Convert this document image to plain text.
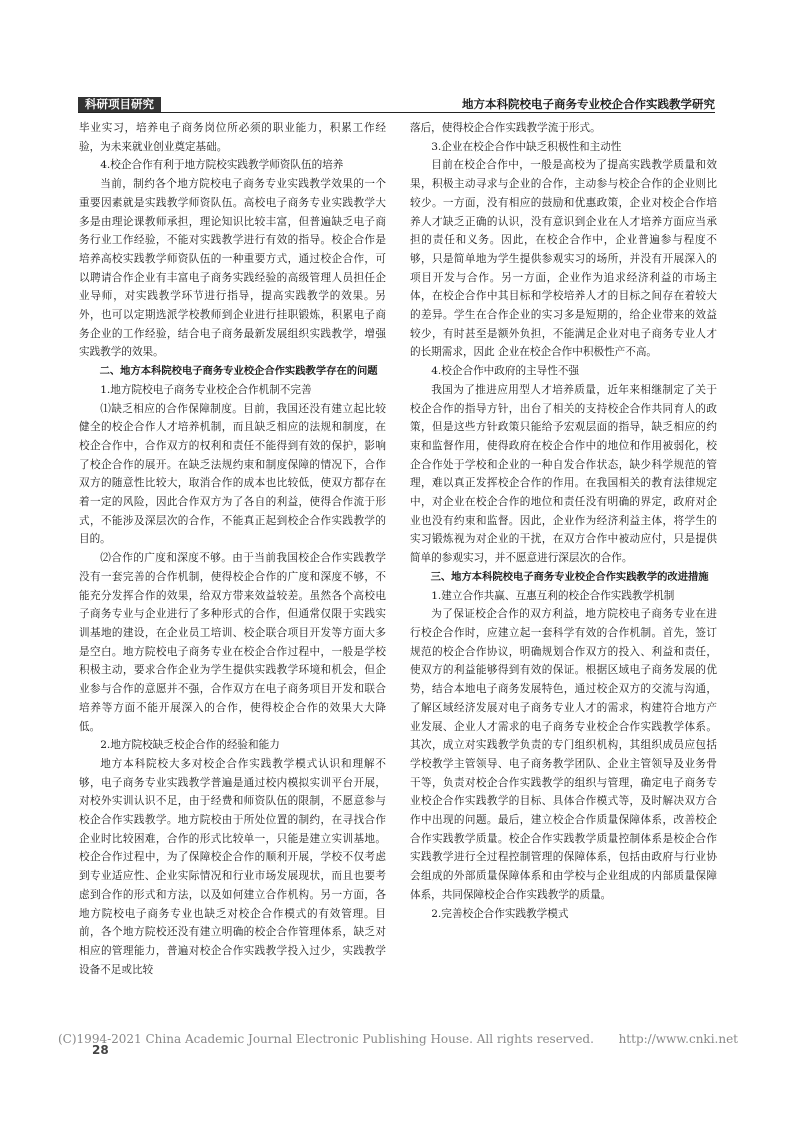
科研项目研究	地方本科院校电子商务专业校企合作实践教学研究

毕业实习，培养电子商务岗位所必须的职业能力，积累工作经验，为未来就业创业奠定基础。

4.校企合作有利于地方院校实践教学师资队伍的培养

当前，制约各个地方院校电子商务专业实践教学效果的一个重要因素就是实践教学师资队伍。高校电子商务专业实践教学大多是由理论课教师承担，理论知识比较丰富，但普遍缺乏电子商务行业工作经验，不能对实践教学进行有效的指导。校企合作是培养高校实践教学师资队伍的一种重要方式，通过校企合作，可以聘请合作企业有丰富电子商务实践经验的高级管理人员担任企业导师，对实践教学环节进行指导，提高实践教学的效果。另外，也可以定期选派学校教师到企业进行挂职锻炼，积累电子商务企业的工作经验，结合电子商务最新发展组织实践教学，增强实践教学的效果。

二、地方本科院校电子商务专业校企合作实践教学存在的问题

1.地方院校电子商务专业校企合作机制不完善

⑴缺乏相应的合作保障制度。目前，我国还没有建立起比较健全的校企合作人才培养机制，而且缺乏相应的法规和制度，在校企合作中，合作双方的权利和责任不能得到有效的保护，影响了校企合作的展开。在缺乏法规约束和制度保障的情况下，合作双方的随意性比较大，取消合作的成本也比较低，使双方都存在着一定的风险，因此合作双方为了各自的利益，使得合作流于形式，不能涉及深层次的合作，不能真正起到校企合作实践教学的目的。

⑵合作的广度和深度不够。由于当前我国校企合作实践教学没有一套完善的合作机制，使得校企合作的广度和深度不够，不能充分发挥合作的效果，给双方带来效益较差。虽然各个高校电子商务专业与企业进行了多种形式的合作，但通常仅限于实践实训基地的建设，在企业员工培训、校企联合项目开发等方面大多是空白。地方院校电子商务专业在校企合作过程中，一般是学校积极主动，要求合作企业为学生提供实践教学环境和机会，但企业参与合作的意愿并不强，合作双方在电子商务项目开发和联合培养等方面不能开展深入的合作，使得校企合作的效果大大降低。

2.地方院校缺乏校企合作的经验和能力

地方本科院校大多对校企合作实践教学模式认识和理解不够，电子商务专业实践教学普遍是通过校内模拟实训平台开展，对校外实训认识不足，由于经费和师资队伍的限制，不愿意参与校企合作实践教学。地方院校由于所处位置的制约，在寻找合作企业时比较困难，合作的形式比较单一，只能是建立实训基地。校企合作过程中，为了保障校企合作的顺利开展，学校不仅考虑到专业适应性、企业实际情况和行业市场发展现状，而且也要考虑到合作的形式和方法，以及如何建立合作机构。另一方面，各地方院校电子商务专业也缺乏对校企合作模式的有效管理。目前，各个地方院校还没有建立明确的校企合作管理体系，缺乏对相应的管理能力，普遍对校企合作实践教学投入过少，实践教学设备不足或比较

落后，使得校企合作实践教学流于形式。

3.企业在校企合作中缺乏积极性和主动性

目前在校企合作中，一般是高校为了提高实践教学质量和效果，积极主动寻求与企业的合作，主动参与校企合作的企业则比较少。一方面，没有相应的鼓励和优惠政策，企业对校企合作培养人才缺乏正确的认识，没有意识到企业在人才培养方面应当承担的责任和义务。因此，在校企合作中，企业普遍参与程度不够，只是简单地为学生提供参观实习的场所，并没有开展深入的项目开发与合作。另一方面，企业作为追求经济利益的市场主体，在校企合作中其目标和学校培养人才的目标之间存在着较大的差异。学生在合作企业的实习多是短期的，给企业带来的效益较少，有时甚至是额外负担，不能满足企业对电子商务专业人才的长期需求，因此 企业在校企合作中积极性产不高。

4.校企合作中政府的主导性不强

我国为了推进应用型人才培养质量，近年来相继制定了关于校企合作的指导方针，出台了相关的支持校企合作共同育人的政策，但是这些方针政策只能给予宏观层面的指导，缺乏相应的约束和监督作用，使得政府在校企合作中的地位和作用被弱化，校企合作处于学校和企业的一种自发合作状态，缺少科学规范的管理，难以真正发挥校企合作的作用。在我国相关的教育法律规定中，对企业在校企合作的地位和责任没有明确的界定，政府对企业也没有约束和监督。因此，企业作为经济利益主体，将学生的实习锻炼视为对企业的干扰，在双方合作中被动应付，只是提供简单的参观实习，并不愿意进行深层次的合作。

三、地方本科院校电子商务专业校企合作实践教学的改进措施

1.建立合作共赢、互惠互利的校企合作实践教学机制

为了保证校企合作的双方利益，地方院校电子商务专业在进行校企合作时，应建立起一套科学有效的合作机制。首先，签订规范的校企合作协议，明确规划合作双方的投入、利益和责任，使双方的利益能够得到有效的保证。根据区域电子商务发展的优势，结合本地电子商务发展特色，通过校企双方的交流与沟通，了解区域经济发展对电子商务专业人才的需求，构建符合地方产业发展、企业人才需求的电子商务专业校企合作实践教学体系。其次，成立对实践教学负责的专门组织机构，其组织成员应包括学校教学主管领导、电子商务教学团队、企业主管领导及业务骨干等，负责对校企合作实践教学的组织与管理，确定电子商务专业校企合作实践教学的目标、具体合作模式等，及时解决双方合作中出现的问题。最后，建立校企合作质量保障体系，改善校企合作实践教学质量。校企合作实践教学质量控制体系是校企合作实践教学进行全过程控制管理的保障体系，包括由政府与行业协会组成的外部质量保障体系和由学校与企业组成的内部质量保障体系，共同保障校企合作实践教学的质量。

2.完善校企合作实践教学模式

(C)1994-2021 China Academic Journal Electronic Publishing House. All rights reserved. http://www.cnki.net
28
